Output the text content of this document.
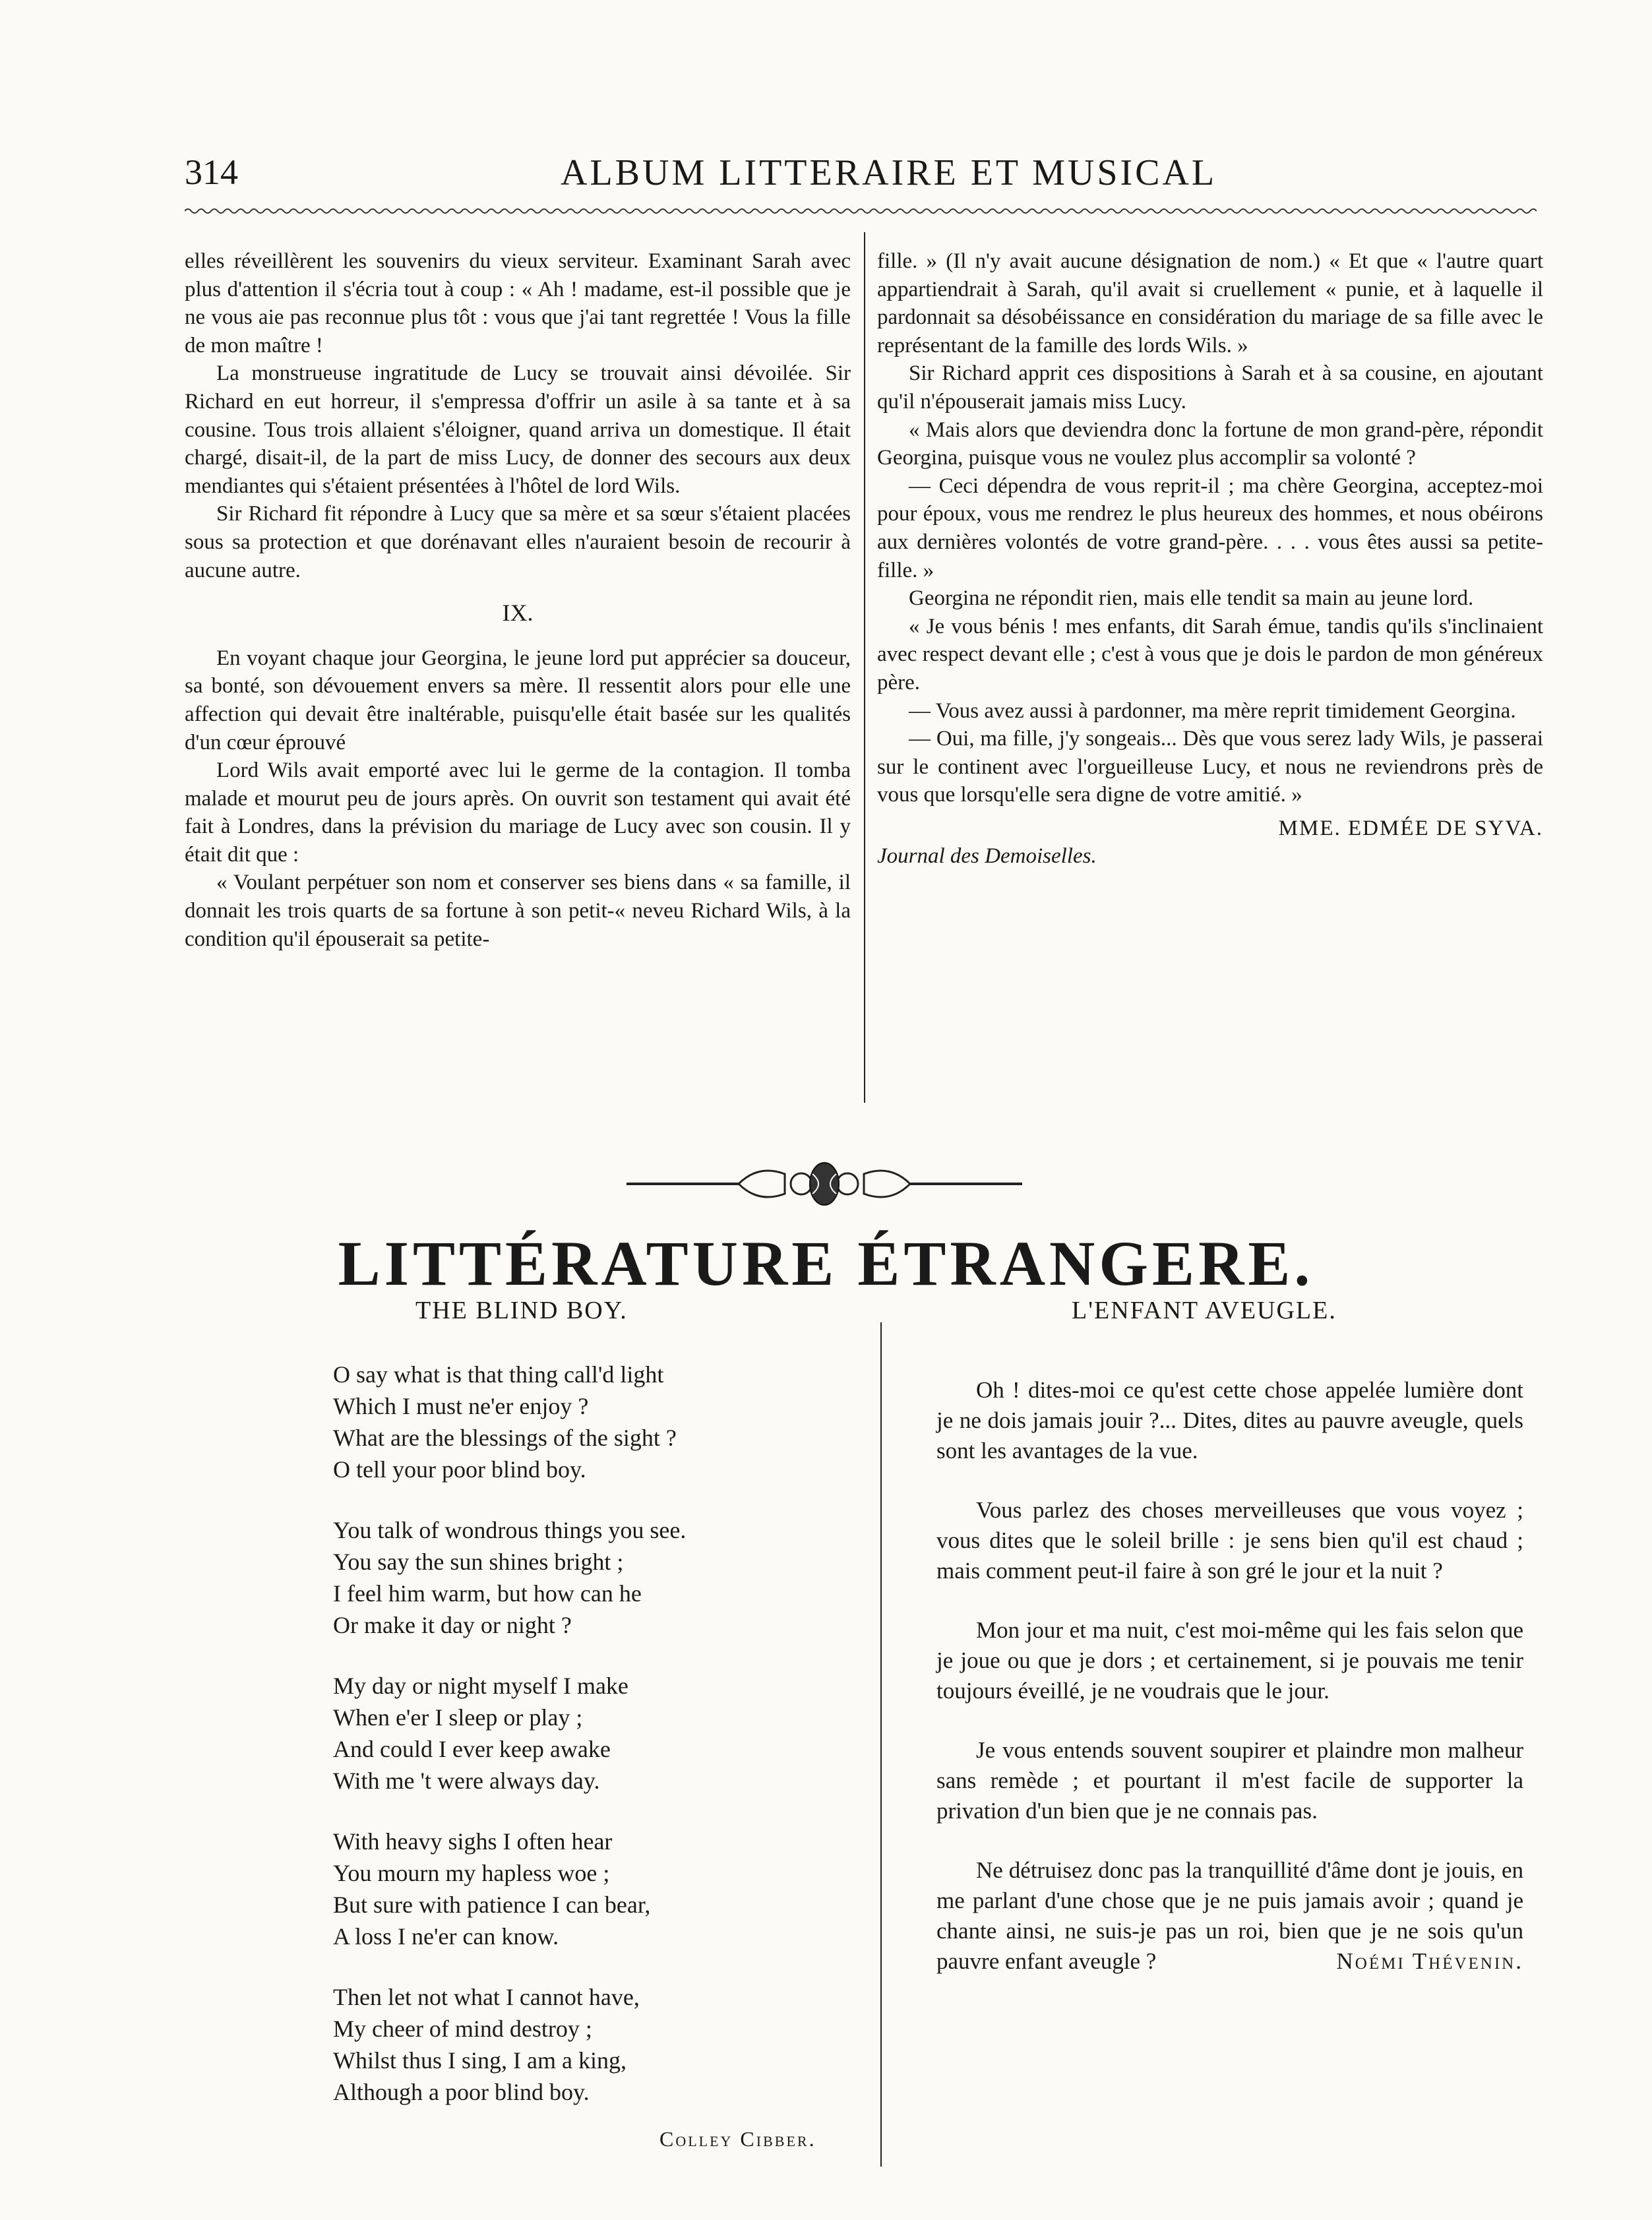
314	ALBUM LITTERAIRE ET MUSICAL

elles réveillèrent les souvenirs du vieux serviteur. Examinant Sarah avec plus d'attention il s'écria tout à coup : « Ah ! madame, est-il possible que je ne vous aie pas reconnue plus tôt : vous que j'ai tant regrettée ! Vous la fille de mon maître !

La monstrueuse ingratitude de Lucy se trouvait ainsi dévoilée. Sir Richard en eut horreur, il s'empressa d'offrir un asile à sa tante et à sa cousine. Tous trois allaient s'éloigner, quand arriva un domestique. Il était chargé, disait-il, de la part de miss Lucy, de donner des secours aux deux mendiantes qui s'étaient présentées à l'hôtel de lord Wils.

Sir Richard fit répondre à Lucy que sa mère et sa sœur s'étaient placées sous sa protection et que dorénavant elles n'auraient besoin de recourir à aucune autre.

IX.

En voyant chaque jour Georgina, le jeune lord put apprécier sa douceur, sa bonté, son dévouement envers sa mère. Il ressentit alors pour elle une affection qui devait être inaltérable, puisqu'elle était basée sur les qualités d'un cœur éprouvé

Lord Wils avait emporté avec lui le germe de la contagion. Il tomba malade et mourut peu de jours après. On ouvrit son testament qui avait été fait à Londres, dans la prévision du mariage de Lucy avec son cousin. Il y était dit que :

« Voulant perpétuer son nom et conserver ses biens dans « sa famille, il donnait les trois quarts de sa fortune à son petit-« neveu Richard Wils, à la condition qu'il épouserait sa petite-

fille. » (Il n'y avait aucune désignation de nom.) « Et que « l'autre quart appartiendrait à Sarah, qu'il avait si cruellement « punie, et à laquelle il pardonnait sa désobéissance en considération du mariage de sa fille avec le représentant de la famille des lords Wils. »

Sir Richard apprit ces dispositions à Sarah et à sa cousine, en ajoutant qu'il n'épouserait jamais miss Lucy.

« Mais alors que deviendra donc la fortune de mon grand-père, répondit Georgina, puisque vous ne voulez plus accomplir sa volonté ?

— Ceci dépendra de vous reprit-il ; ma chère Georgina, acceptez-moi pour époux, vous me rendrez le plus heureux des hommes, et nous obéirons aux dernières volontés de votre grand-père. . . . vous êtes aussi sa petite-fille. »

Georgina ne répondit rien, mais elle tendit sa main au jeune lord.

« Je vous bénis ! mes enfants, dit Sarah émue, tandis qu'ils s'inclinaient avec respect devant elle ; c'est à vous que je dois le pardon de mon généreux père.

— Vous avez aussi à pardonner, ma mère reprit timidement Georgina.

— Oui, ma fille, j'y songeais... Dès que vous serez lady Wils, je passerai sur le continent avec l'orgueilleuse Lucy, et nous ne reviendrons près de vous que lorsqu'elle sera digne de votre amitié. »

MME. EDMÉE DE SYVA.

Journal des Demoiselles.

LITTÉRATURE ÉTRANGERE.
THE BLIND BOY.	L'ENFANT AVEUGLE.
O say what is that thing call'd light
Which I must ne'er enjoy ?
What are the blessings of the sight ?
O tell your poor blind boy.
You talk of wondrous things you see.
You say the sun shines bright ;
I feel him warm, but how can he
Or make it day or night ?
My day or night myself I make
When e'er I sleep or play ;
And could I ever keep awake
With me 't were always day.
With heavy sighs I often hear
You mourn my hapless woe ;
But sure with patience I can bear,
A loss I ne'er can know.
Then let not what I cannot have,
My cheer of mind destroy ;
Whilst thus I sing, I am a king,
Although a poor blind boy.
Colley Cibber.

Oh ! dites-moi ce qu'est cette chose appelée lumière dont je ne dois jamais jouir ?... Dites, dites au pauvre aveugle, quels sont les avantages de la vue.

Vous parlez des choses merveilleuses que vous voyez ; vous dites que le soleil brille : je sens bien qu'il est chaud ; mais comment peut-il faire à son gré le jour et la nuit ?

Mon jour et ma nuit, c'est moi-même qui les fais selon que je joue ou que je dors ; et certainement, si je pouvais me tenir toujours éveillé, je ne voudrais que le jour.

Je vous entends souvent soupirer et plaindre mon malheur sans remède ; et pourtant il m'est facile de supporter la privation d'un bien que je ne connais pas.

Ne détruisez donc pas la tranquillité d'âme dont je jouis, en me parlant d'une chose que je ne puis jamais avoir ; quand je chante ainsi, ne suis-je pas un roi, bien que je ne sois qu'un pauvre enfant aveugle ?	Noémi Thévenin.
